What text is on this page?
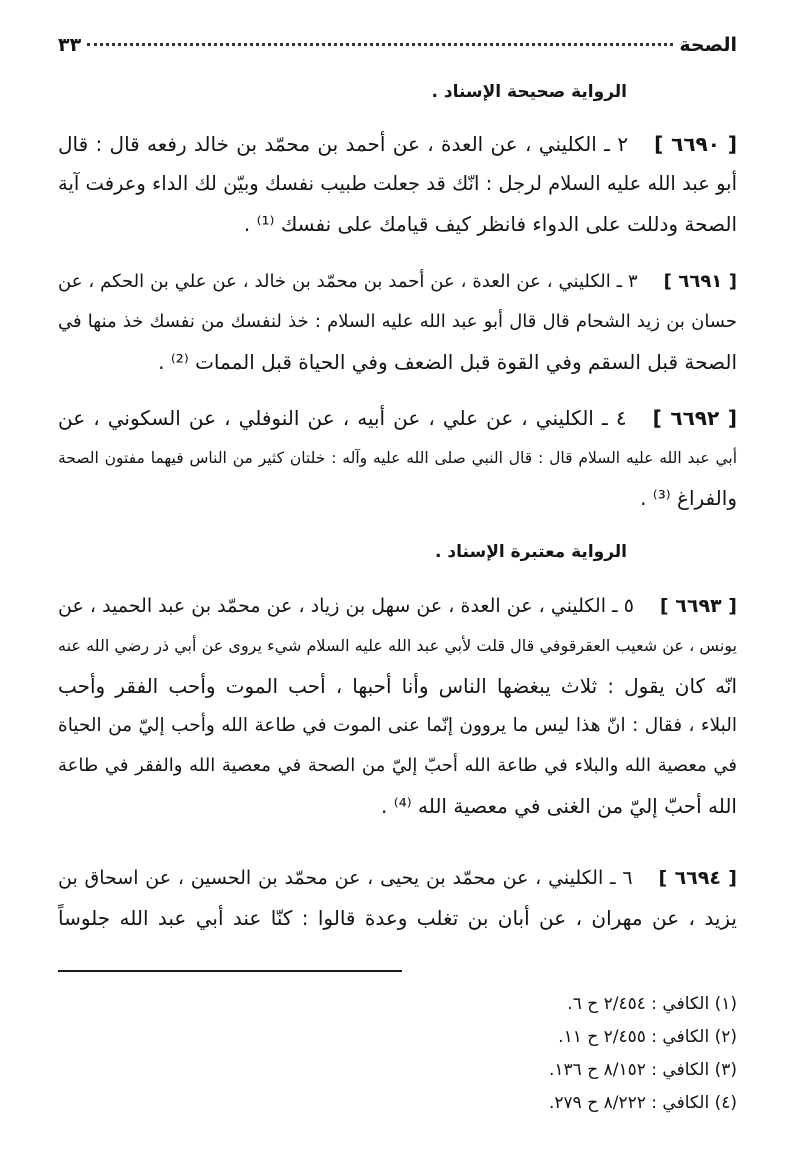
الصحة
٣٣
الرواية صحيحة الإسناد .
[ ٦٦٩٠ ]٢ ـ الكليني ، عن العدة ، عن أحمد بن محمّد بن خالد رفعه قال : قال
أبو عبد الله عليه السلام لرجل : انّك قد جعلت طبيب نفسك وبيّن لك الداء وعرفت آية
الصحة ودللت على الدواء فانظر كيف قيامك على نفسك ⁽¹⁾ .
[ ٦٦٩١ ]٣ ـ الكليني ، عن العدة ، عن أحمد بن محمّد بن خالد ، عن علي بن الحكم ، عن
حسان بن زيد الشحام قال قال أبو عبد الله عليه السلام : خذ لنفسك من نفسك خذ منها في
الصحة قبل السقم وفي القوة قبل الضعف وفي الحياة قبل الممات ⁽²⁾ .
[ ٦٦٩٢ ]٤ ـ الكليني ، عن علي ، عن أبيه ، عن النوفلي ، عن السكوني ، عن
أبي عبد الله عليه السلام قال : قال النبي صلى الله عليه وآله : خلتان كثير من الناس فيهما مفتون الصحة
والفراغ ⁽³⁾ .
الرواية معتبرة الإسناد .
[ ٦٦٩٣ ]٥ ـ الكليني ، عن العدة ، عن سهل بن زياد ، عن محمّد بن عبد الحميد ، عن
يونس ، عن شعيب العقرقوفي قال قلت لأبي عبد الله عليه السلام شيء يروى عن أبي ذر رضي الله عنه
انّه كان يقول : ثلاث يبغضها الناس وأنا أحبها ، أحب الموت وأحب الفقر وأحب
البلاء ، فقال : انّ هذا ليس ما يروون إنّما عنى الموت في طاعة الله وأحب إليّ من الحياة
في معصية الله والبلاء في طاعة الله أحبّ إليّ من الصحة في معصية الله والفقر في طاعة
الله أحبّ إليّ من الغنى في معصية الله ⁽⁴⁾ .
[ ٦٦٩٤ ]٦ ـ الكليني ، عن محمّد بن يحيى ، عن محمّد بن الحسين ، عن اسحاق بن
يزيد ، عن مهران ، عن أبان بن تغلب وعدة قالوا : كنّا عند أبي عبد الله جلوساً
(١) الكافي : ٢/٤٥٤ ح ٦.
(٢) الكافي : ٢/٤٥٥ ح ١١.
(٣) الكافي : ٨/١٥٢ ح ١٣٦.
(٤) الكافي : ٨/٢٢٢ ح ٢٧٩.
